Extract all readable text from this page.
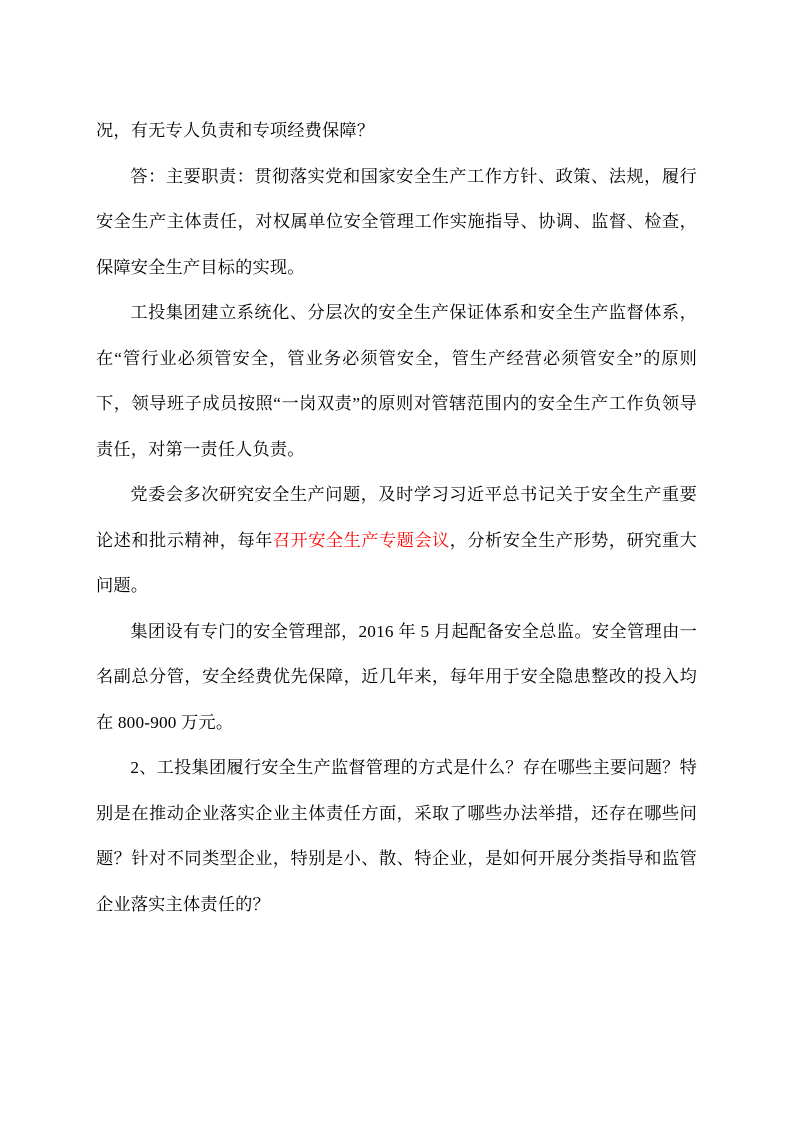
况，有无专人负责和专项经费保障？

答：主要职责：贯彻落实党和国家安全生产工作方针、政策、法规，履行安全生产主体责任，对权属单位安全管理工作实施指导、协调、监督、检查，保障安全生产目标的实现。

工投集团建立系统化、分层次的安全生产保证体系和安全生产监督体系，在“管行业必须管安全，管业务必须管安全，管生产经营必须管安全”的原则下，领导班子成员按照“一岗双责”的原则对管辖范围内的安全生产工作负领导责任，对第一责任人负责。

党委会多次研究安全生产问题，及时学习习近平总书记关于安全生产重要论述和批示精神，每年召开安全生产专题会议，分析安全生产形势，研究重大问题。

集团设有专门的安全管理部，2016 年 5 月起配备安全总监。安全管理由一名副总分管，安全经费优先保障，近几年来，每年用于安全隐患整改的投入均在 800-900 万元。

2、工投集团履行安全生产监督管理的方式是什么？存在哪些主要问题？特别是在推动企业落实企业主体责任方面，采取了哪些办法举措，还存在哪些问题？针对不同类型企业，特别是小、散、特企业，是如何开展分类指导和监管企业落实主体责任的？
